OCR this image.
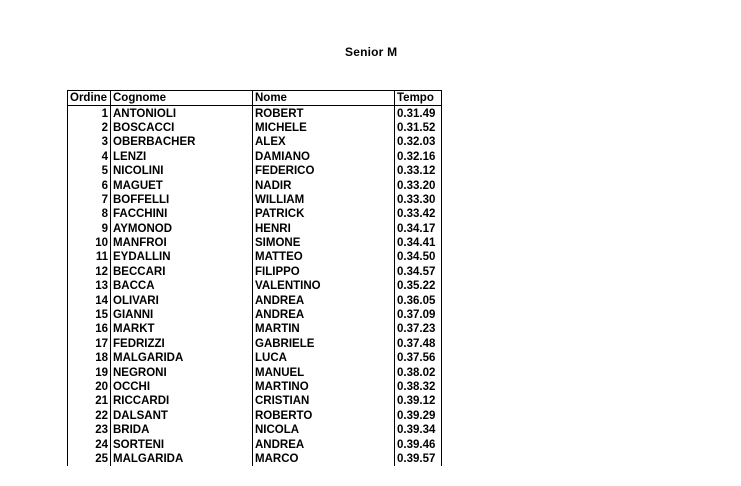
Senior M
Ordine	Cognome	Nome	Tempo
1	ANTONIOLI	ROBERT	0.31.49
2	BOSCACCI	MICHELE	0.31.52
3	OBERBACHER	ALEX	0.32.03
4	LENZI	DAMIANO	0.32.16
5	NICOLINI	FEDERICO	0.33.12
6	MAGUET	NADIR	0.33.20
7	BOFFELLI	WILLIAM	0.33.30
8	FACCHINI	PATRICK	0.33.42
9	AYMONOD	HENRI	0.34.17
10	MANFROI	SIMONE	0.34.41
11	EYDALLIN	MATTEO	0.34.50
12	BECCARI	FILIPPO	0.34.57
13	BACCA	VALENTINO	0.35.22
14	OLIVARI	ANDREA	0.36.05
15	GIANNI	ANDREA	0.37.09
16	MARKT	MARTIN	0.37.23
17	FEDRIZZI	GABRIELE	0.37.48
18	MALGARIDA	LUCA	0.37.56
19	NEGRONI	MANUEL	0.38.02
20	OCCHI	MARTINO	0.38.32
21	RICCARDI	CRISTIAN	0.39.12
22	DALSANT	ROBERTO	0.39.29
23	BRIDA	NICOLA	0.39.34
24	SORTENI	ANDREA	0.39.46
25	MALGARIDA	MARCO	0.39.57
